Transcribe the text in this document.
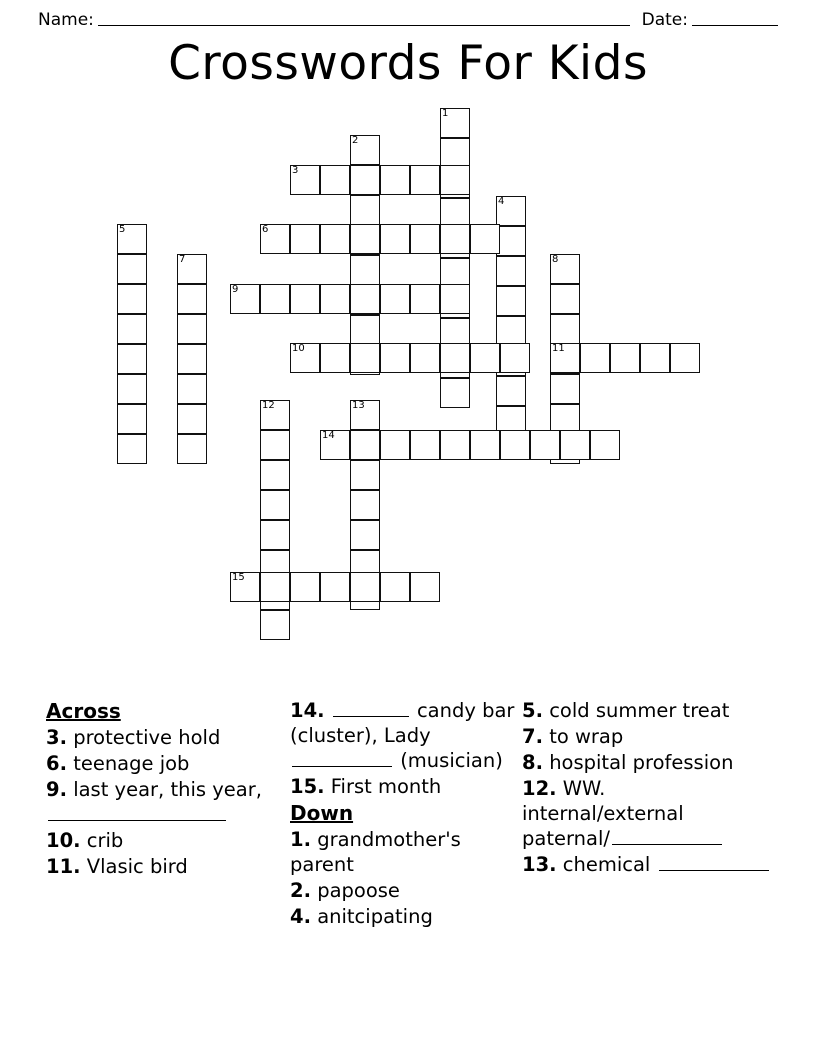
Name:	Date:
Crosswords For Kids
1
2
3
4
5	6
7	8
9
10	11
12	13
14
15
Across
3. protective hold
6. teenage job
9. last year, this year,
10. crib
11. Vlasic bird
14.	candy bar (cluster), Lady  (musician)
15. First month
Down
1. grandmother's parent
2. papoose
4. anitcipating
5. cold summer treat
7. to wrap
8. hospital profession
12. WW. internal/external paternal/
13. chemical
